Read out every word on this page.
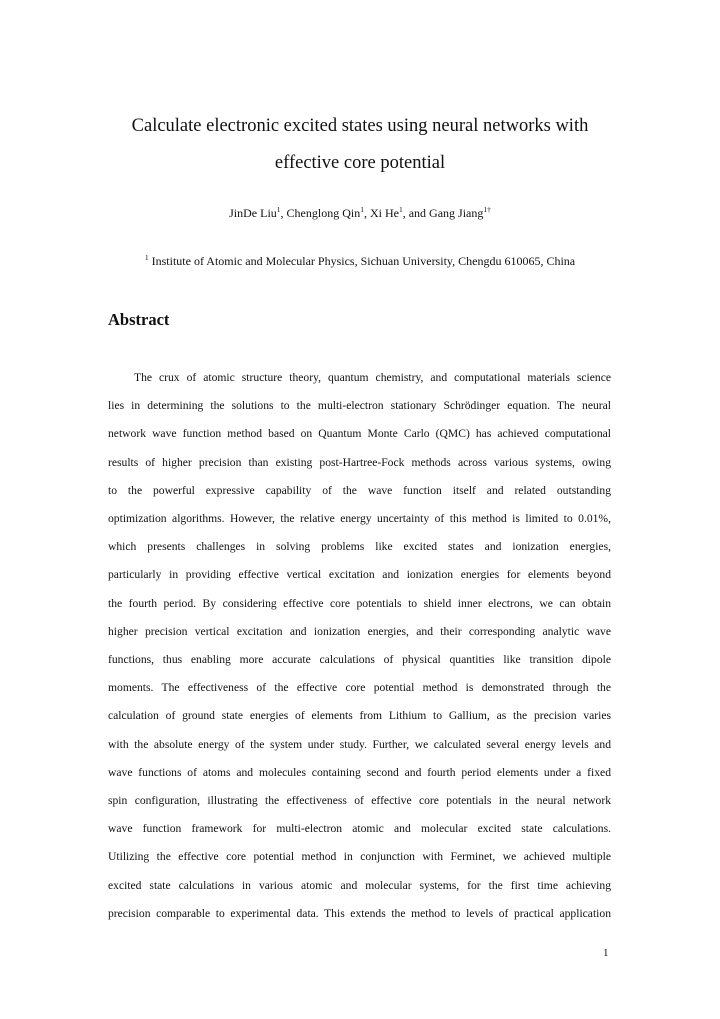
Calculate electronic excited states using neural networks with
effective core potential
JinDe Liu$^1$, Chenglong Qin$^1$, Xi He$^1$, and Gang Jiang$^{1\dagger}$
$^1$ Institute of Atomic and Molecular Physics, Sichuan University, Chengdu 610065, China
Abstract
The crux of atomic structure theory, quantum chemistry, and computational materials science
lies in determining the solutions to the multi-electron stationary Schrödinger equation. The neural
network wave function method based on Quantum Monte Carlo (QMC) has achieved computational
results of higher precision than existing post-Hartree-Fock methods across various systems, owing
to the powerful expressive capability of the wave function itself and related outstanding
optimization algorithms. However, the relative energy uncertainty of this method is limited to 0.01%,
which presents challenges in solving problems like excited states and ionization energies,
particularly in providing effective vertical excitation and ionization energies for elements beyond
the fourth period. By considering effective core potentials to shield inner electrons, we can obtain
higher precision vertical excitation and ionization energies, and their corresponding analytic wave
functions, thus enabling more accurate calculations of physical quantities like transition dipole
moments. The effectiveness of the effective core potential method is demonstrated through the
calculation of ground state energies of elements from Lithium to Gallium, as the precision varies
with the absolute energy of the system under study. Further, we calculated several energy levels and
wave functions of atoms and molecules containing second and fourth period elements under a fixed
spin configuration, illustrating the effectiveness of effective core potentials in the neural network
wave function framework for multi-electron atomic and molecular excited state calculations.
Utilizing the effective core potential method in conjunction with Ferminet, we achieved multiple
excited state calculations in various atomic and molecular systems, for the first time achieving
precision comparable to experimental data. This extends the method to levels of practical application
1
